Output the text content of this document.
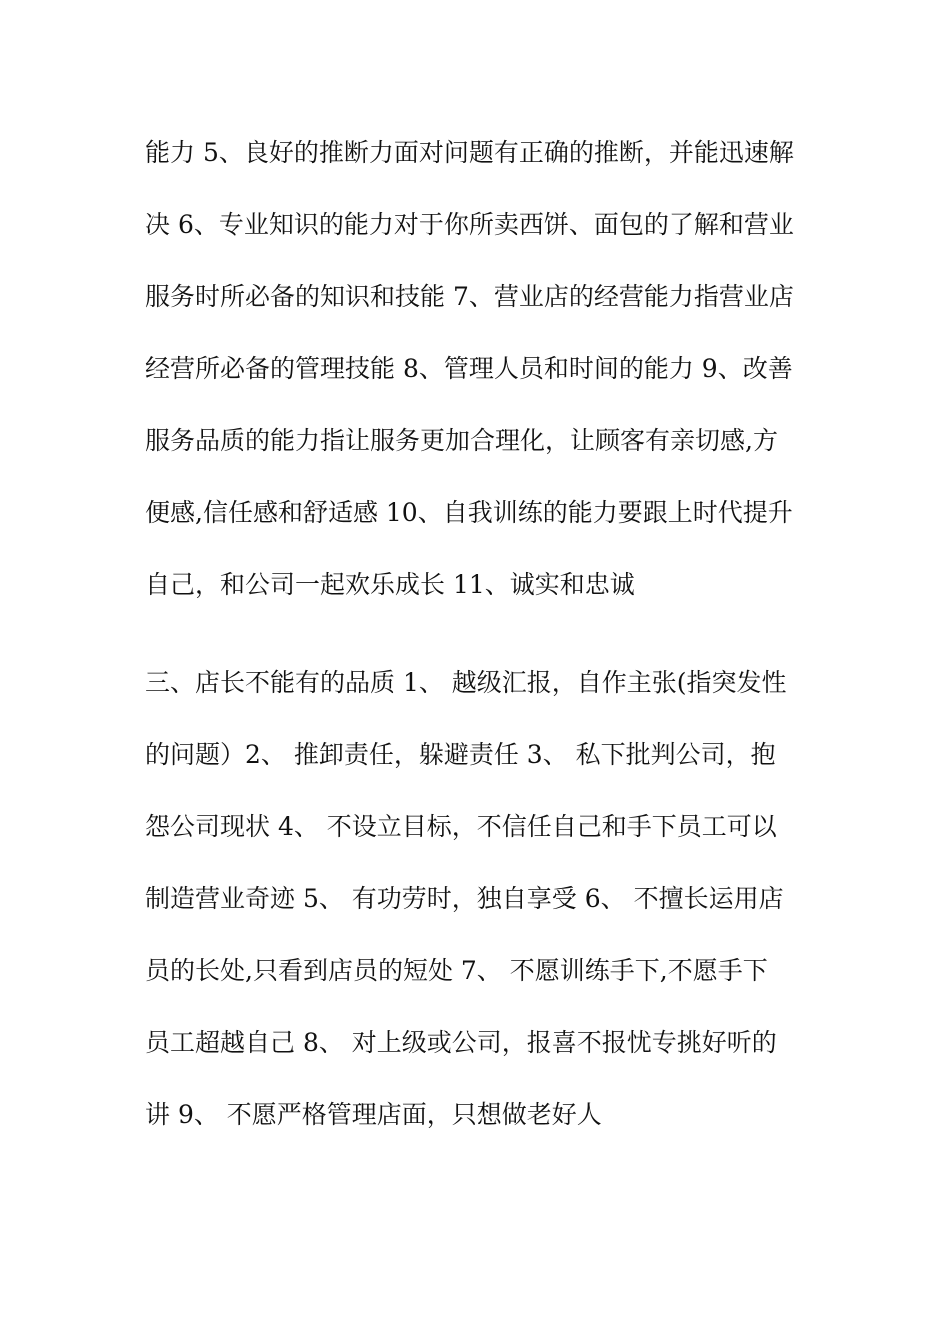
能力 5、良好的推断力面对问题有正确的推断，并能迅速解
决 6、专业知识的能力对于你所卖西饼、面包的了解和营业
服务时所必备的知识和技能 7、营业店的经营能力指营业店
经营所必备的管理技能 8、管理人员和时间的能力 9、改善
服务品质的能力指让服务更加合理化，让顾客有亲切感,方
便感,信任感和舒适感 10、自我训练的能力要跟上时代提升
自己，和公司一起欢乐成长 11、诚实和忠诚
三、店长不能有的品质 1、 越级汇报，自作主张(指突发性
的问题）2、 推卸责任，躲避责任 3、 私下批判公司，抱
怨公司现状 4、 不设立目标，不信任自己和手下员工可以
制造营业奇迹 5、 有功劳时，独自享受 6、 不擅长运用店
员的长处,只看到店员的短处 7、 不愿训练手下,不愿手下
员工超越自己 8、 对上级或公司，报喜不报忧专挑好听的
讲 9、 不愿严格管理店面，只想做老好人
